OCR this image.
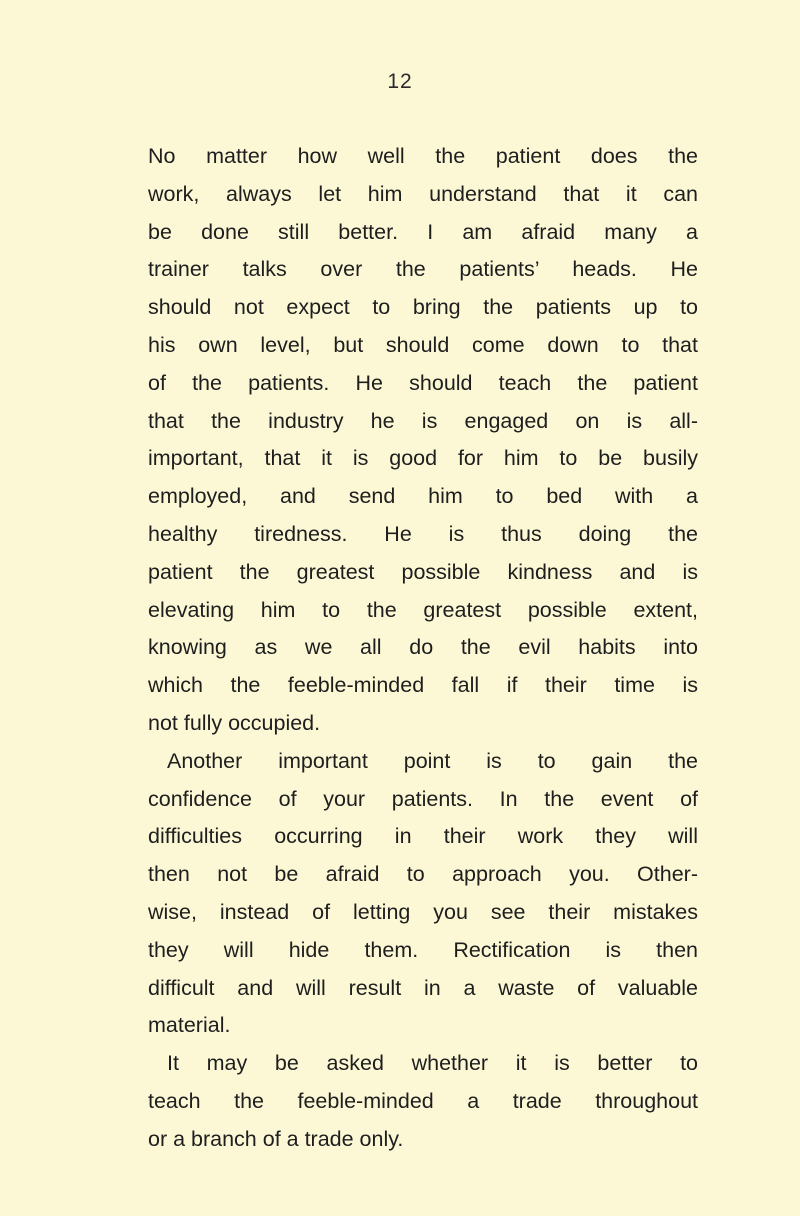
12
No matter how well the patient does the
work, always let him understand that it can
be done still better. I am afraid many a
trainer talks over the patients’ heads. He
should not expect to bring the patients up to
his own level, but should come down to that
of the patients. He should teach the patient
that the industry he is engaged on is all-
important, that it is good for him to be busily
employed, and send him to bed with a
healthy tiredness. He is thus doing the
patient the greatest possible kindness and is
elevating him to the greatest possible extent,
knowing as we all do the evil habits into
which the feeble-minded fall if their time is
not fully occupied.
Another important point is to gain the
confidence of your patients. In the event of
difficulties occurring in their work they will
then not be afraid to approach you. Other-
wise, instead of letting you see their mistakes
they will hide them. Rectification is then
difficult and will result in a waste of valuable
material.
It may be asked whether it is better to
teach the feeble-minded a trade throughout
or a branch of a trade only.
